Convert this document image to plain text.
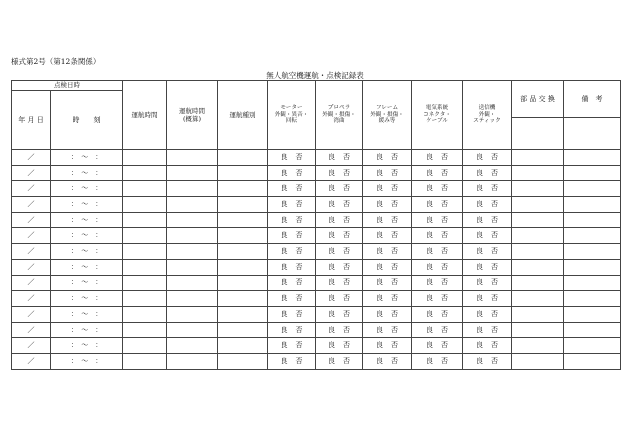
様式第2号（第12条関係）
無人航空機運航・点検記録表
点検日時		運航時間	運航時間
(概算)	運航種別	モーター
外観・異音・
回転	プロペラ
外観・損傷・
湾曲	フレーム
外観・損傷・
緩み等	電気系統
コネクタ・
ケーブル	送信機
外観・
スティック	部 品 交 換	備　考

年 月 日	時　　刻										
／	：　～　：				良 否	良 否	良 否	良 否	良 否		
／	：　～　：				良 否	良 否	良 否	良 否	良 否		
／	：　～　：				良 否	良 否	良 否	良 否	良 否		
／	：　～　：				良 否	良 否	良 否	良 否	良 否		
／	：　～　：				良 否	良 否	良 否	良 否	良 否		
／	：　～　：				良 否	良 否	良 否	良 否	良 否		
／	：　～　：				良 否	良 否	良 否	良 否	良 否		
／	：　～　：				良 否	良 否	良 否	良 否	良 否		
／	：　～　：				良 否	良 否	良 否	良 否	良 否		
／	：　～　：				良 否	良 否	良 否	良 否	良 否		
／	：　～　：				良 否	良 否	良 否	良 否	良 否		
／	：　～　：				良 否	良 否	良 否	良 否	良 否		
／	：　～　：				良 否	良 否	良 否	良 否	良 否		
／	：　～　：				良 否	良 否	良 否	良 否	良 否		
